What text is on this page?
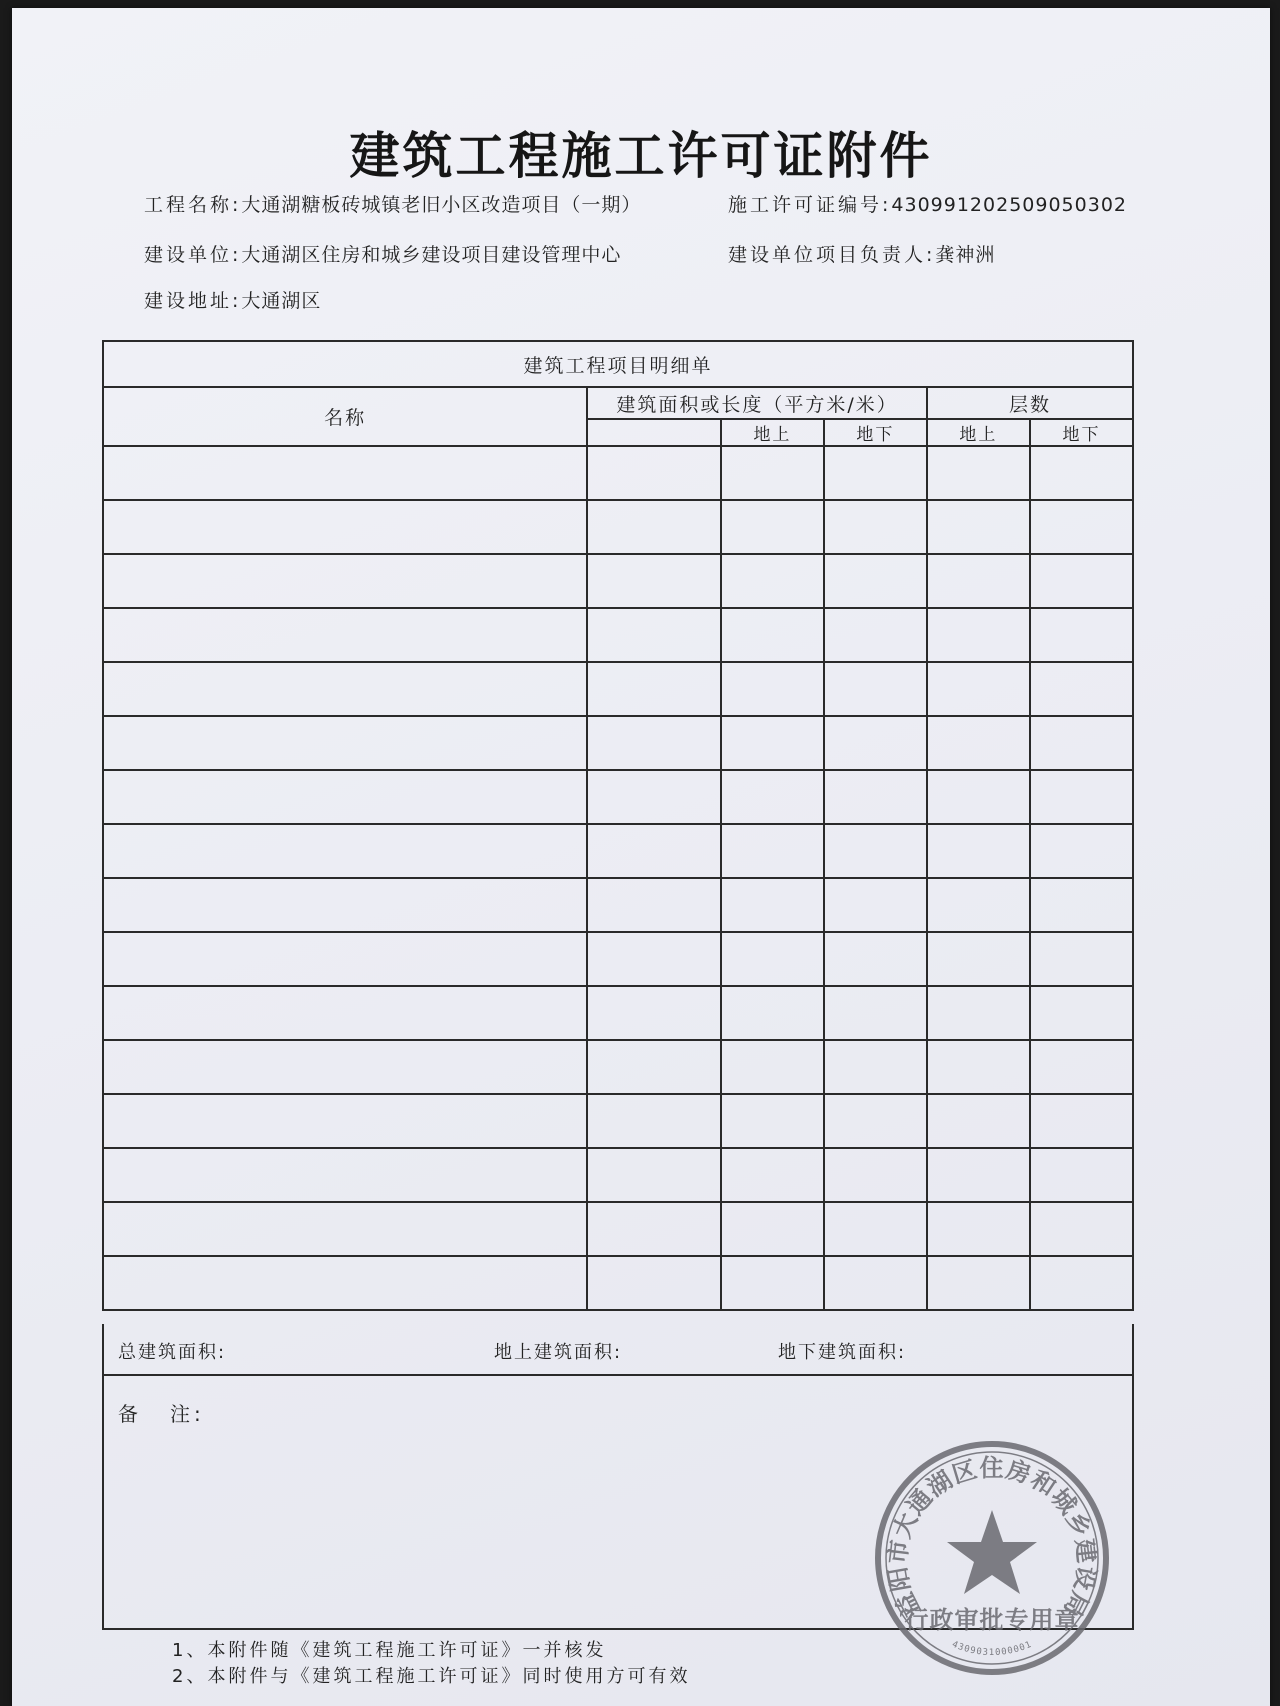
建筑工程施工许可证附件
工程名称:大通湖糖板砖城镇老旧小区改造项目（一期）	施工许可证编号:430991202509050302
建设单位:大通湖区住房和城乡建设项目建设管理中心	建设单位项目负责人:龚神洲
建设地址:大通湖区
建筑工程项目明细单					
名称	建筑面积或长度（平方米/米）			层数	
		地上	地下	地上	地下

总建筑面积:	地上建筑面积:	地下建筑面积:
备 注:
益阳市大通湖区住房和城乡建设局
行政审批专用章
4309031000001
1、本附件随《建筑工程施工许可证》一并核发
2、本附件与《建筑工程施工许可证》同时使用方可有效
